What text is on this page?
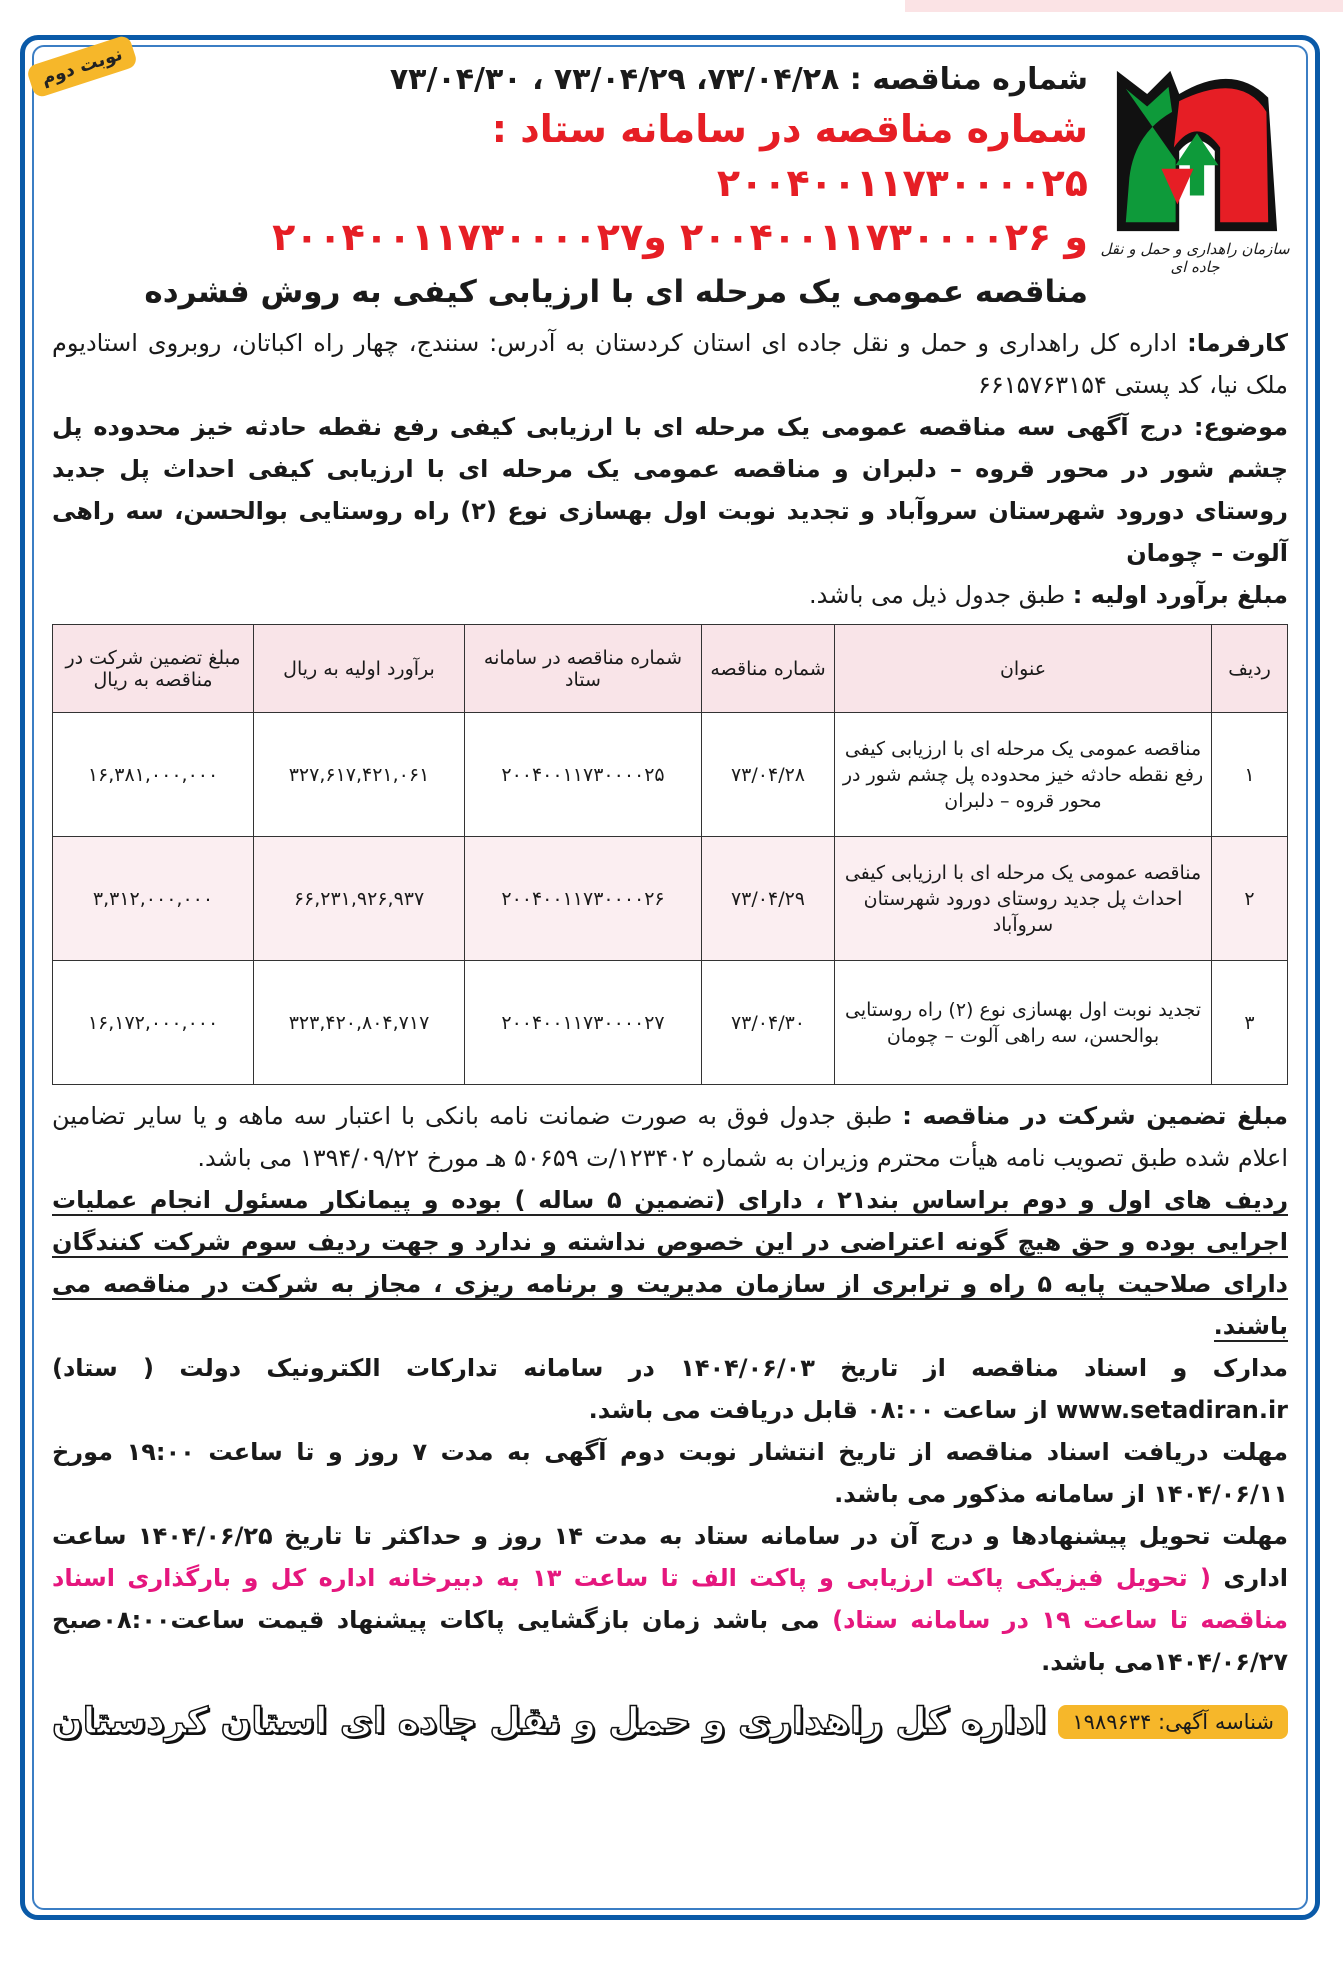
نوبت دوم
سازمان راهداری و حمل و نقل جاده ای
شماره مناقصه : ۷۳/۰۴/۲۸، ۷۳/۰۴/۲۹ ، ۷۳/۰۴/۳۰
شماره مناقصه در سامانه ستاد : ۲۰۰۴۰۰۱۱۷۳۰۰۰۰۲۵
و ۲۰۰۴۰۰۱۱۷۳۰۰۰۰۲۶ و۲۰۰۴۰۰۱۱۷۳۰۰۰۰۲۷
مناقصه عمومی یک مرحله ای با ارزیابی کیفی به روش فشرده
کارفرما: اداره کل راهداری و حمل و نقل جاده ای استان کردستان به آدرس: سنندج، چهار راه اکباتان، روبروی استادیوم ملک نیا، کد پستی ۶۶۱۵۷۶۳۱۵۴
موضوع: درج آگهی سه مناقصه عمومی یک مرحله ای با ارزیابی کیفی رفع نقطه حادثه خیز محدوده پل چشم شور در محور قروه – دلبران و مناقصه عمومی یک مرحله ای با ارزیابی کیفی احداث پل جدید روستای دورود شهرستان سروآباد و تجدید نوبت اول بهسازی نوع (۲) راه روستایی بوالحسن، سه راهی آلوت – چومان
مبلغ برآورد اولیه : طبق جدول ذیل می باشد.
ردیف	عنوان	شماره مناقصه	شماره مناقصه در سامانه ستاد	برآورد اولیه به ریال	مبلغ تضمین شرکت در مناقصه به ریال
۱	مناقصه عمومی یک مرحله ای با ارزیابی کیفی رفع نقطه حادثه خیز محدوده پل چشم شور در محور قروه – دلبران	۷۳/۰۴/۲۸	۲۰۰۴۰۰۱۱۷۳۰۰۰۰۲۵	۳۲۷,۶۱۷,۴۲۱,۰۶۱	۱۶,۳۸۱,۰۰۰,۰۰۰
۲	مناقصه عمومی یک مرحله ای با ارزیابی کیفی احداث پل جدید روستای دورود شهرستان سروآباد	۷۳/۰۴/۲۹	۲۰۰۴۰۰۱۱۷۳۰۰۰۰۲۶	۶۶,۲۳۱,۹۲۶,۹۳۷	۳,۳۱۲,۰۰۰,۰۰۰
۳	تجدید نوبت اول بهسازی نوع (۲) راه روستایی بوالحسن، سه راهی آلوت – چومان	۷۳/۰۴/۳۰	۲۰۰۴۰۰۱۱۷۳۰۰۰۰۲۷	۳۲۳,۴۲۰,۸۰۴,۷۱۷	۱۶,۱۷۲,۰۰۰,۰۰۰
مبلغ تضمین شرکت در مناقصه : طبق جدول فوق به صورت ضمانت نامه بانکی با اعتبار سه ماهه و یا سایر تضامین اعلام شده طبق تصویب نامه هیأت محترم وزیران به شماره ۱۲۳۴۰۲/ت ۵۰۶۵۹ هـ مورخ ۱۳۹۴/۰۹/۲۲ می باشد.
ردیف های اول و دوم براساس بند۲۱ ، دارای (تضمین ۵ ساله ) بوده و پیمانکار مسئول انجام عملیات اجرایی بوده و حق هیچ گونه اعتراضی در این خصوص نداشته و ندارد و جهت ردیف سوم شرکت کنندگان دارای صلاحیت پایه ۵ راه و ترابری از سازمان مدیریت و برنامه ریزی ، مجاز به شرکت در مناقصه می باشند.
مدارک و اسناد مناقصه از تاریخ ۱۴۰۴/۰۶/۰۳ در سامانه تدارکات الکترونیک دولت ( ستاد) www.setadiran.ir از ساعت ۰۸:۰۰ قابل دریافت می باشد.
مهلت دریافت اسناد مناقصه از تاریخ انتشار نوبت دوم آگهی به مدت ۷ روز و تا ساعت ۱۹:۰۰ مورخ ۱۴۰۴/۰۶/۱۱ از سامانه مذکور می باشد.
مهلت تحویل پیشنهادها و درج آن در سامانه ستاد به مدت ۱۴ روز و حداکثر تا تاریخ ۱۴۰۴/۰۶/۲۵ ساعت اداری ( تحویل فیزیکی پاکت ارزیابی و پاکت الف تا ساعت ۱۳ به دبیرخانه اداره کل و بارگذاری اسناد مناقصه تا ساعت ۱۹ در سامانه ستاد) می باشد زمان بازگشایی پاکات پیشنهاد قیمت ساعت۰۸:۰۰صبح ۱۴۰۴/۰۶/۲۷می باشد.
شناسه آگهی: ۱۹۸۹۶۳۴
اداره کل راهداری و حمل و نقل جاده ای استان کردستان
